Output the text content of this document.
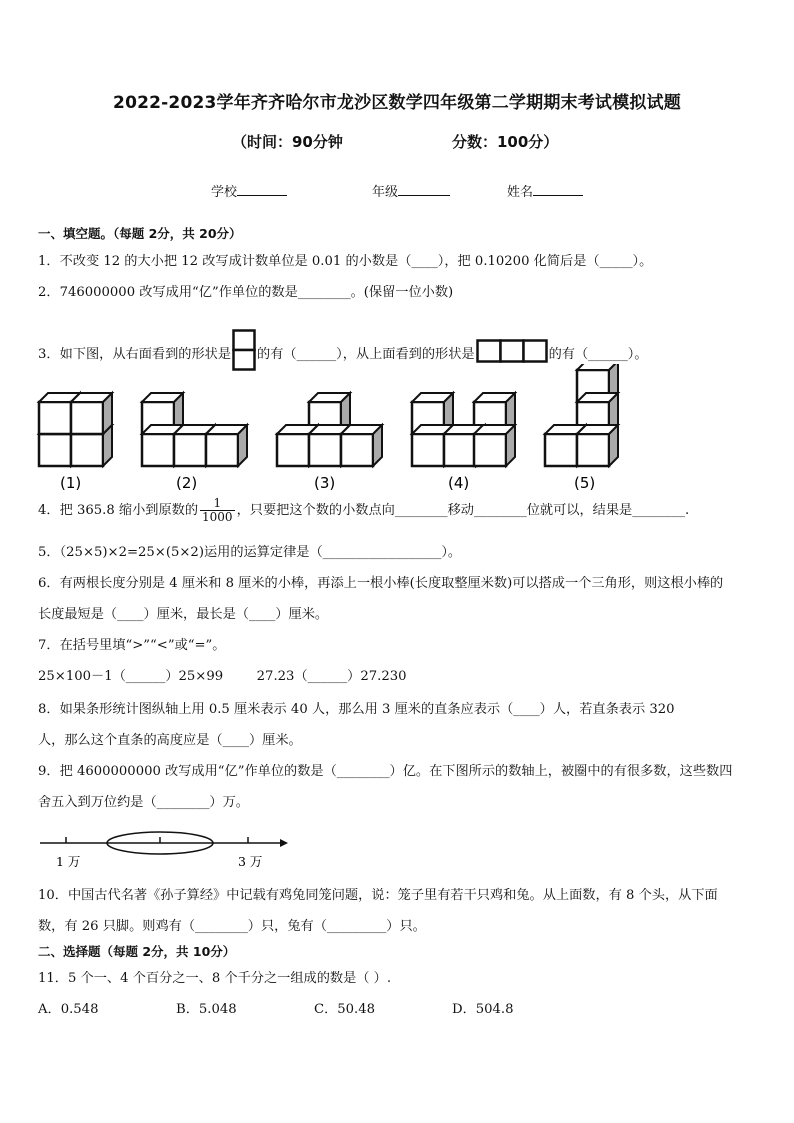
2022-2023学年齐齐哈尔市龙沙区数学四年级第二学期期末考试模拟试题
（时间：90分钟	分数：100分）
学校	年级	姓名
一、填空题。（每题 2分，共 20分）
1．不改变 12 的大小把 12 改写成计数单位是 0.01 的小数是（____），把 0.10200 化简后是（_____）。
2．746000000 改写成用“亿”作单位的数是________。(保留一位小数)
3．如下图，从右面看到的形状是 的有（______），从上面看到的形状是	的有（______）。
(1)	(2)	(3)	(4)	(5)
4．把 365.8 缩小到原数的 $\frac{1}{1000}$ ，只要把这个数的小数点向________移动________位就可以，结果是________.
5．（25×5)×2=25×(5×2)运用的运算定律是（__________________）。
6．有两根长度分别是 4 厘米和 8 厘米的小棒，再添上一根小棒(长度取整厘米数)可以搭成一个三角形，则这根小棒的
长度最短是（____）厘米，最长是（____）厘米。
7．在括号里填“>”“<”或“=”。
25×100－1（______）25×99        27.23（______）27.230
8．如果条形统计图纵轴上用 0.5 厘米表示 40 人，那么用 3 厘米的直条应表示（____）人，若直条表示 320
人，那么这个直条的高度应是（____）厘米。
9．把 4600000000 改写成用“亿”作单位的数是（________）亿。在下图所示的数轴上，被圈中的有很多数，这些数四
舍五入到万位约是（________）万。
1 万	3 万
10．中国古代名著《孙子算经》中记载有鸡兔同笼问题，说：笼子里有若干只鸡和兔。从上面数，有 8 个头，从下面
数，有 26 只脚。则鸡有（________）只，兔有（_________）只。
二、选择题（每题 2分，共 10分）
11．5 个一、4 个百分之一、8 个千分之一组成的数是（ ）.
A．0.548	B．5.048	C．50.48	D．504.8
